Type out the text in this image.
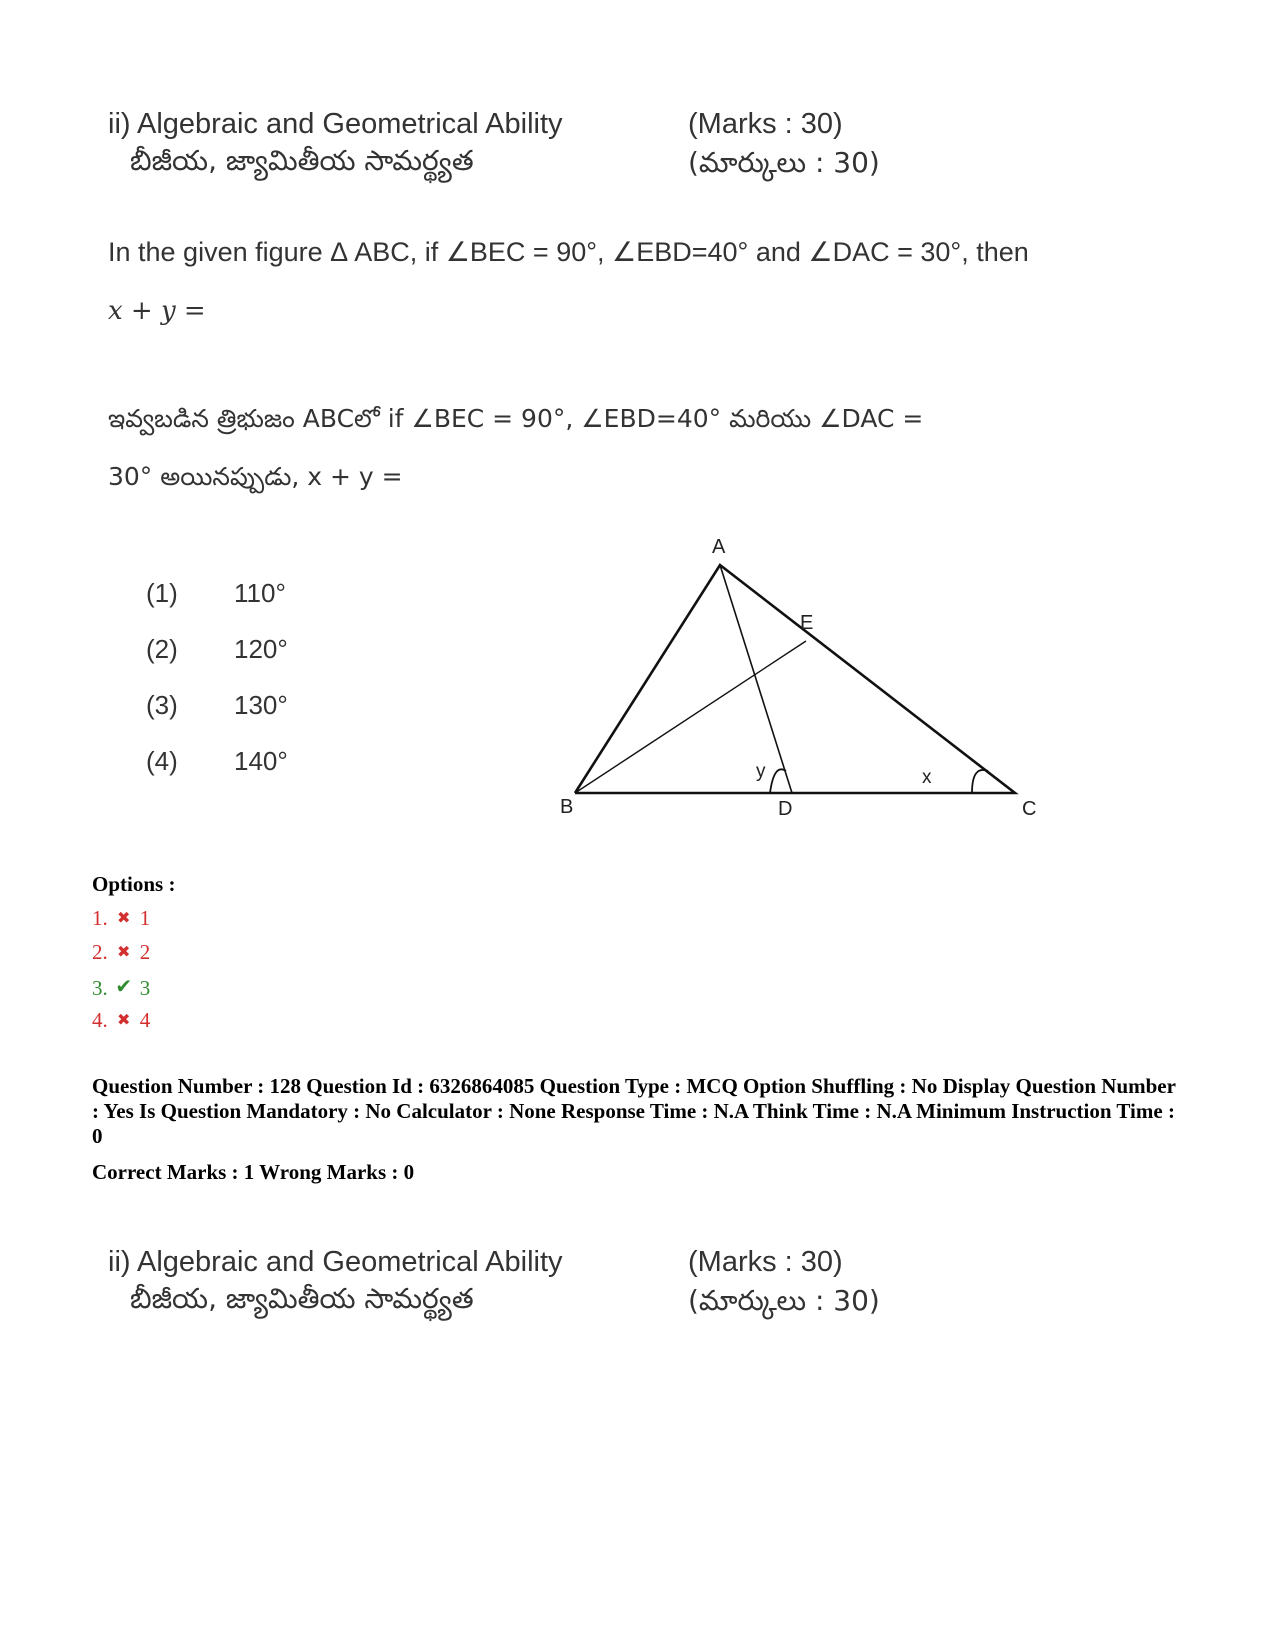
ii) Algebraic and Geometrical Ability
బీజీయ, జ్యామితీయ సామర్థ్యత
(Marks : 30)
(మార్కులు : 30)
In the given figure Δ ABC, if ∠BEC = 90°, ∠EBD=40° and ∠DAC = 30°, then
x + y =
ఇవ్వబడిన త్రిభుజం ABCలో if ∠BEC = 90°, ∠EBD=40° మరియు ∠DAC =
30° అయినప్పుడు, x + y =
(1) 110°
(2) 120°
(3) 130°
(4) 140°
A
B	C
D
E
x
y
Options :
1. ✖ 1
2. ✖ 2
3. ✔ 3
4. ✖ 4
Question Number : 128 Question Id : 6326864085 Question Type : MCQ Option Shuffling : No Display Question Number : Yes Is Question Mandatory : No Calculator : None Response Time : N.A Think Time : N.A Minimum Instruction Time : 0
Correct Marks : 1 Wrong Marks : 0
ii) Algebraic and Geometrical Ability
బీజీయ, జ్యామితీయ సామర్థ్యత
(Marks : 30)
(మార్కులు : 30)
